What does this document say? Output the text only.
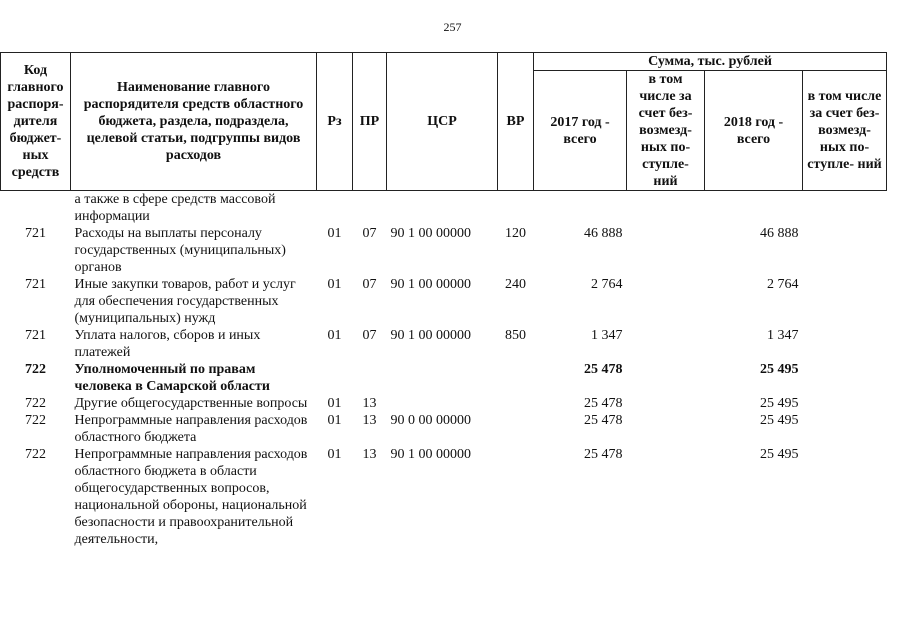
257
Код главного распоря- дителя бюджет- ных средств	Наименование главного распорядителя средств областного бюджета, раздела, подраздела, целевой статьи, подгруппы видов расходов	Рз	ПР	ЦСР	ВР	Сумма, тыс. рублей			
						2017 год - всего	в том числе за счет без- возмезд- ных по- ступле- ний	2018 год - всего	в том числе за счет без- возмезд- ных по- ступле- ний
	а также в сфере средств массовой информации								
721	Расходы на выплаты персоналу государственных (муниципальных) органов	01	07	90 1 00 00000	120	46 888		46 888	
721	Иные закупки товаров, работ и услуг для обеспечения государственных (муниципальных) нужд	01	07	90 1 00 00000	240	2 764		2 764	
721	Уплата налогов, сборов и иных платежей	01	07	90 1 00 00000	850	1 347		1 347	
722	Уполномоченный по правам человека в Самарской области					25 478		25 495	
722	Другие общегосударственные вопросы	01	13			25 478		25 495	
722	Непрограммные направления расходов областного бюджета	01	13	90 0 00 00000		25 478		25 495	
722	Непрограммные направления расходов областного бюджета в области общегосударственных вопросов, национальной обороны, национальной безопасности и правоохранительной деятельности,	01	13	90 1 00 00000		25 478		25 495	
